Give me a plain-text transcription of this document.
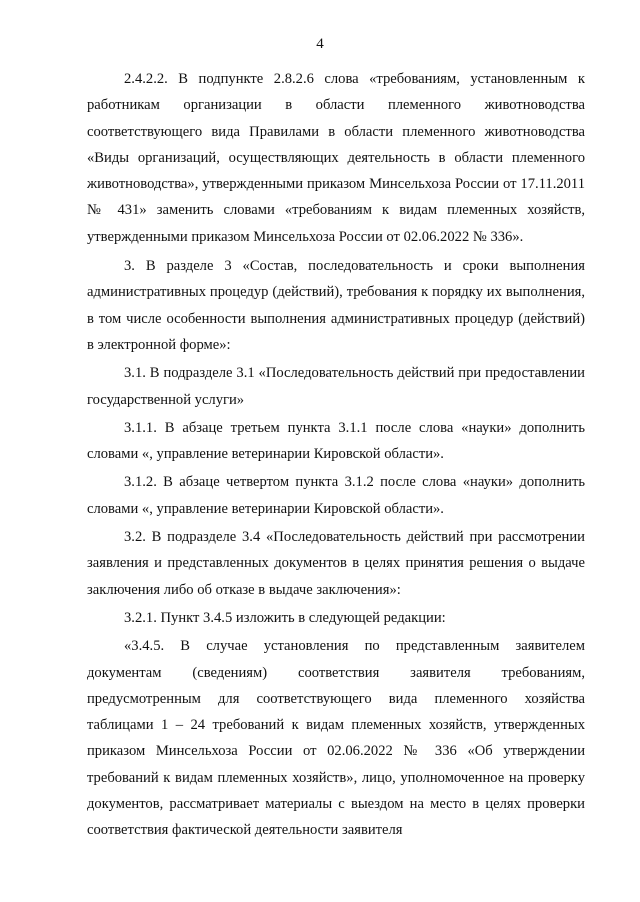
4

2.4.2.2. В подпункте 2.8.2.6 слова «требованиям, установленным к работникам организации в области племенного животноводства соответствующего вида Правилами в области племенного животноводства «Виды организаций, осуществляющих деятельность в области племенного животноводства», утвержденными приказом Минсельхоза России от 17.11.2011 № 431» заменить словами «требованиям к видам племенных хозяйств, утвержденными приказом Минсельхоза России от 02.06.2022 № 336».

3. В разделе 3 «Состав, последовательность и сроки выполнения административных процедур (действий), требования к порядку их выполнения, в том числе особенности выполнения административных процедур (действий) в электронной форме»:

3.1. В подразделе 3.1 «Последовательность действий при предоставлении государственной услуги»

3.1.1. В абзаце третьем пункта 3.1.1 после слова «науки» дополнить словами «, управление ветеринарии Кировской области».

3.1.2. В абзаце четвертом пункта 3.1.2 после слова «науки» дополнить словами «, управление ветеринарии Кировской области».

3.2. В подразделе 3.4 «Последовательность действий при рассмотрении заявления и представленных документов в целях принятия решения о выдаче заключения либо об отказе в выдаче заключения»:

3.2.1. Пункт 3.4.5 изложить в следующей редакции:

«3.4.5. В случае установления по представленным заявителем документам (сведениям) соответствия заявителя требованиям, предусмотренным для соответствующего вида племенного хозяйства таблицами 1 – 24 требований к видам племенных хозяйств, утвержденных приказом Минсельхоза России от 02.06.2022 № 336 «Об утверждении требований к видам племенных хозяйств», лицо, уполномоченное на проверку документов, рассматривает материалы с выездом на место в целях проверки соответствия фактической деятельности заявителя
